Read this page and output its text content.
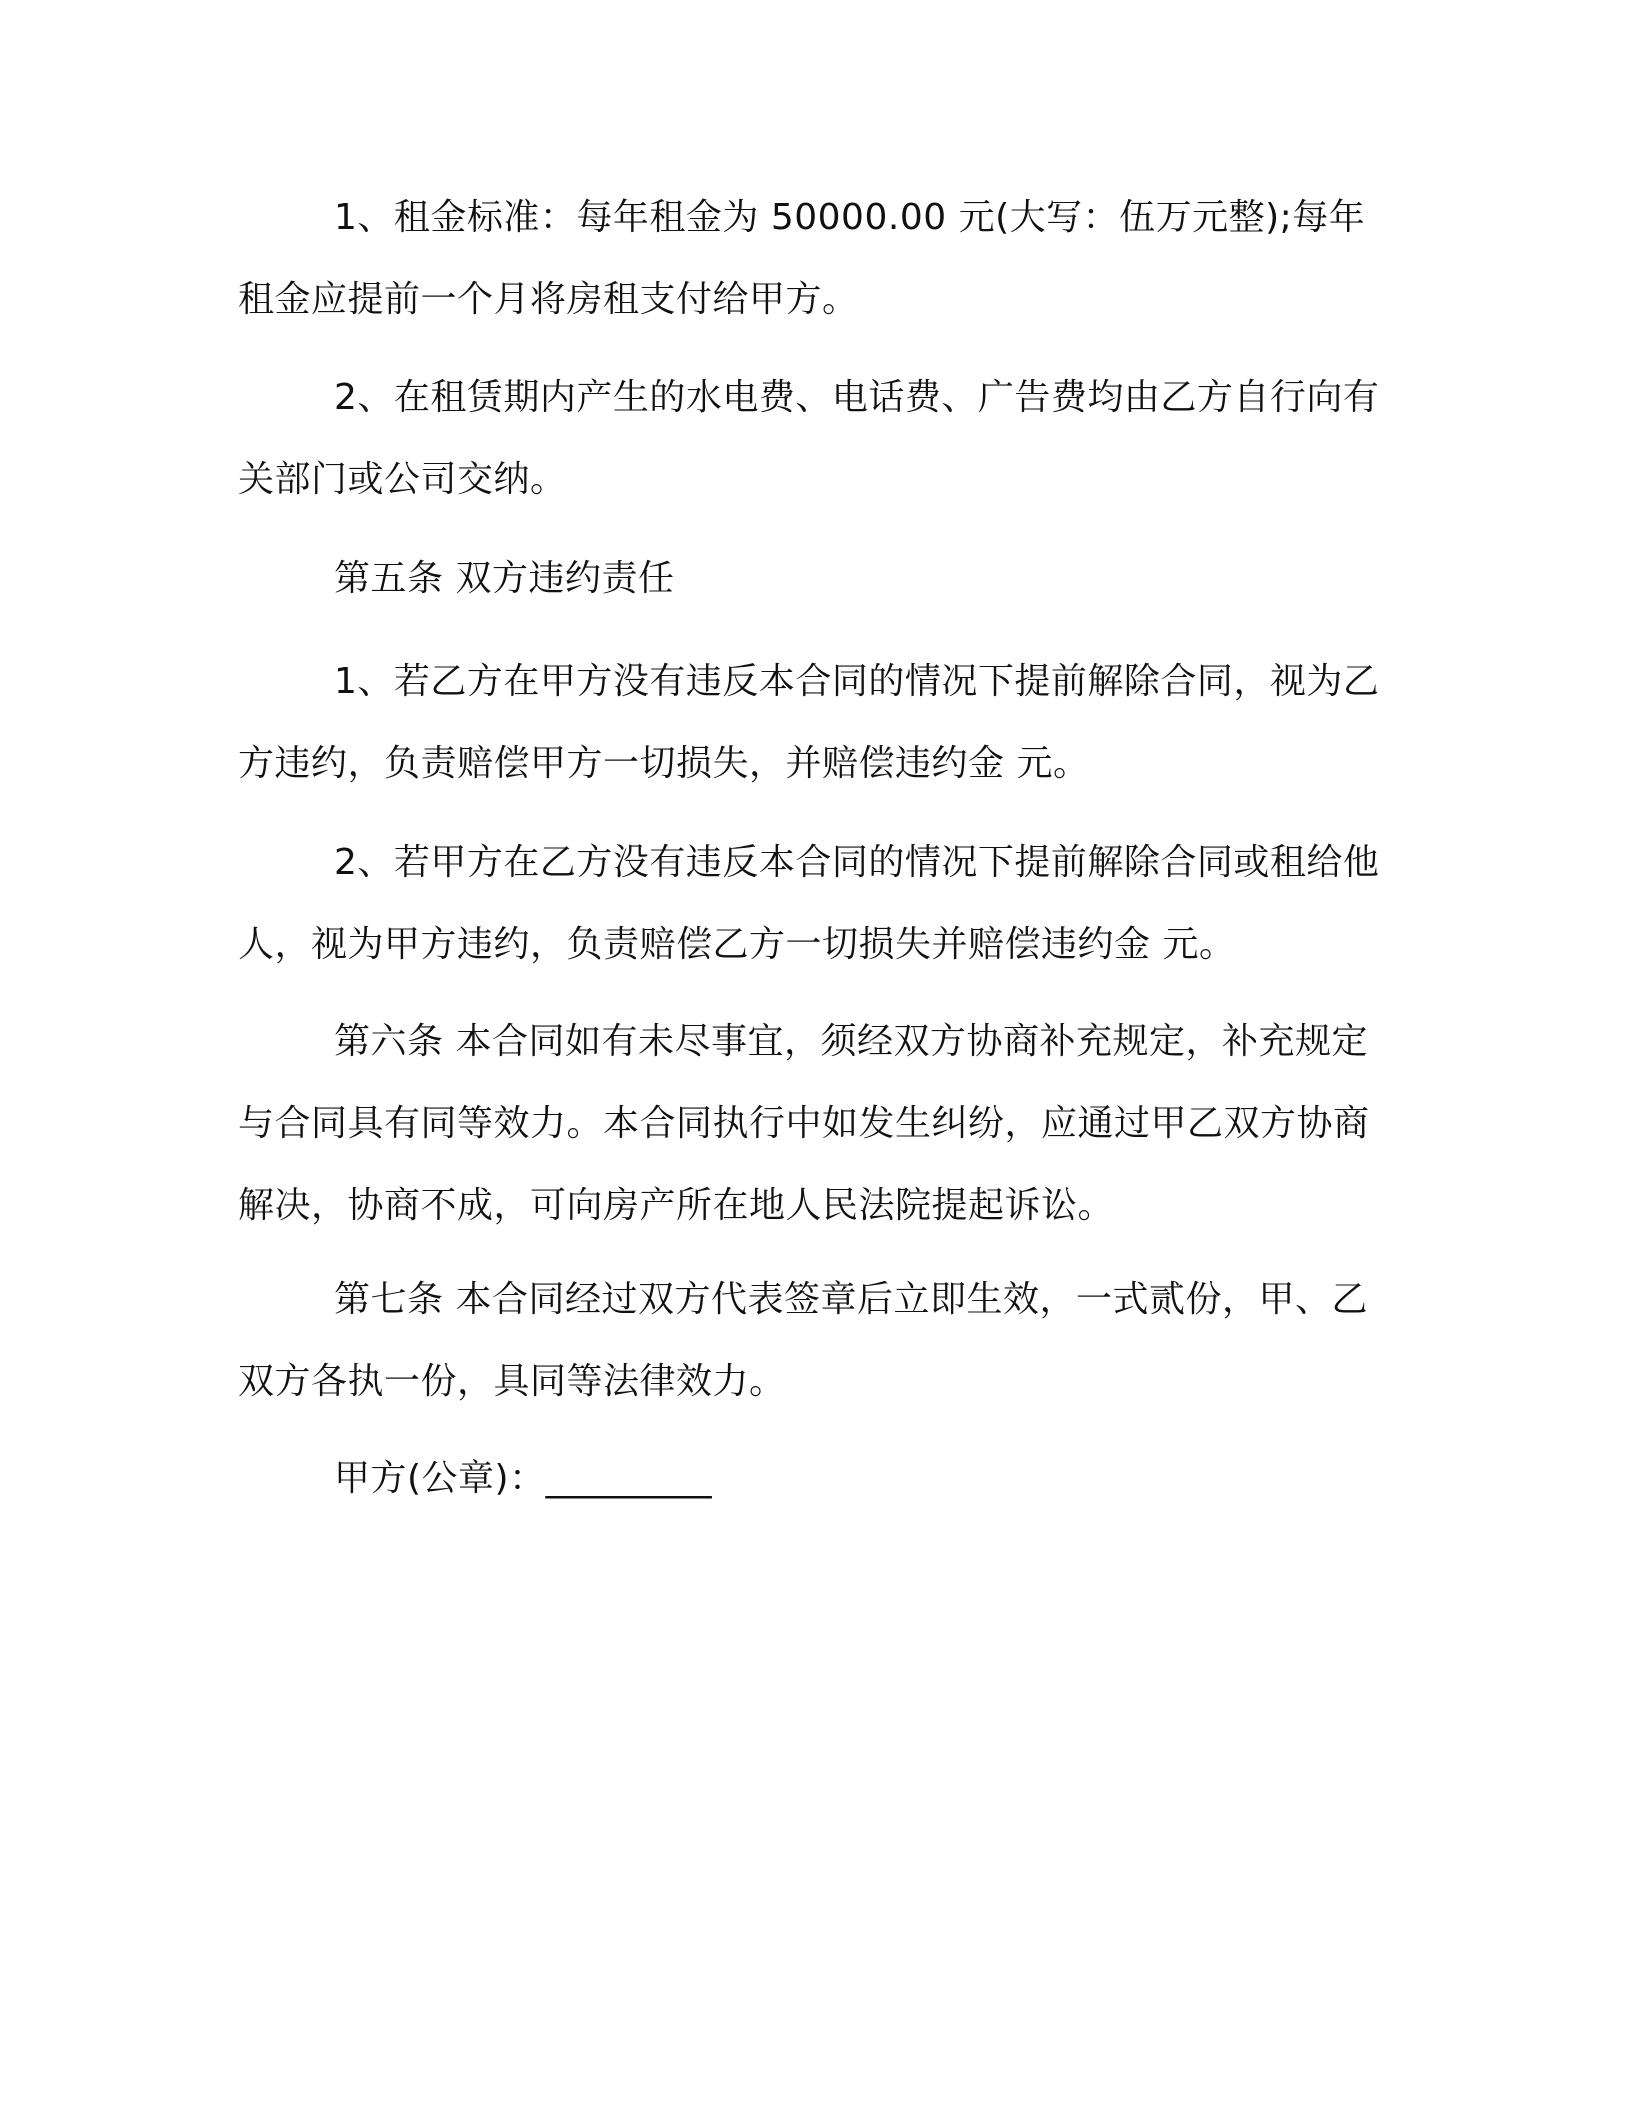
1、租金标准：每年租金为 50000.00 元(大写：伍万元整);每年租金应提前一个月将房租支付给甲方。
2、在租赁期内产生的水电费、电话费、广告费均由乙方自行向有关部门或公司交纳。
第五条 双方违约责任
1、若乙方在甲方没有违反本合同的情况下提前解除合同，视为乙方违约，负责赔偿甲方一切损失，并赔偿违约金 元。
2、若甲方在乙方没有违反本合同的情况下提前解除合同或租给他人，视为甲方违约，负责赔偿乙方一切损失并赔偿违约金 元。
第六条 本合同如有未尽事宜，须经双方协商补充规定，补充规定与合同具有同等效力。本合同执行中如发生纠纷，应通过甲乙双方协商解决，协商不成，可向房产所在地人民法院提起诉讼。
第七条 本合同经过双方代表签章后立即生效，一式贰份，甲、乙双方各执一份，具同等法律效力。
甲方(公章)：_________
